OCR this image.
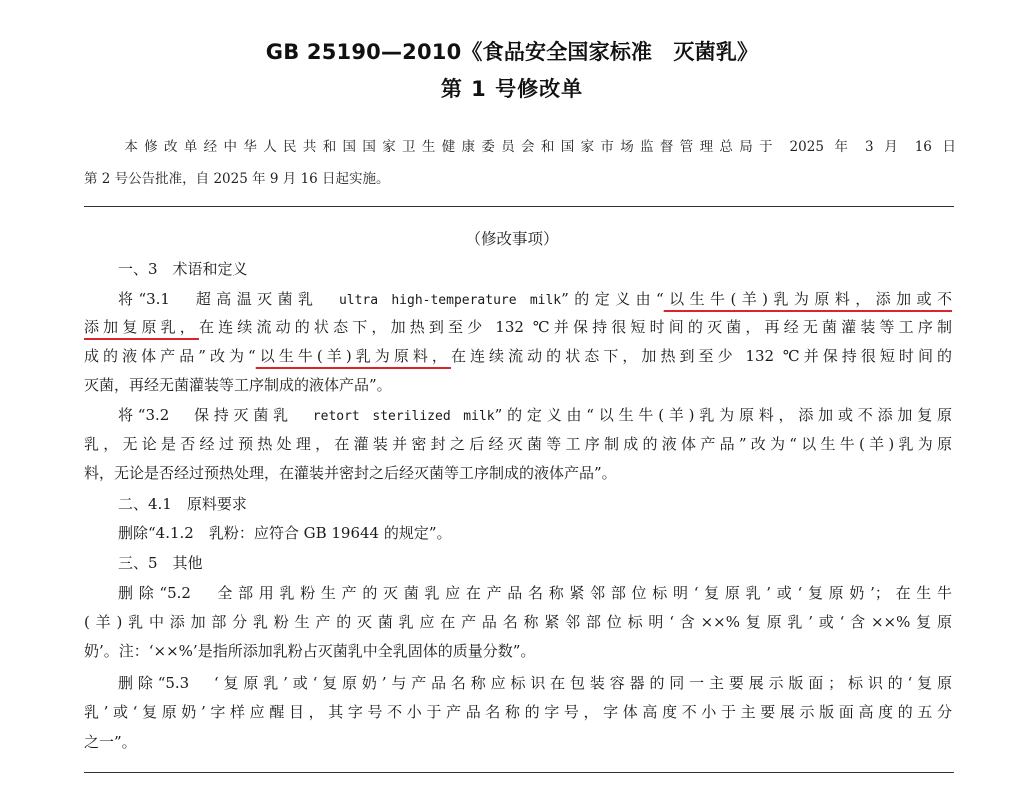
GB 25190—2010《食品安全国家标准　灭菌乳》
第 1 号修改单
本修改单经中华人民共和国国家卫生健康委员会和国家市场监督管理总局于 2025 年 3 月 16 日
第 2 号公告批准，自 2025 年 9 月 16 日起实施。
（修改事项）
一、3　术语和定义
将“3.1　超高温灭菌乳　ultra high-temperature milk”的定义由“以生牛(羊)乳为原料，添加或不
添加复原乳，在连续流动的状态下，加热到至少 132 ℃并保持很短时间的灭菌，再经无菌灌装等工序制
成的液体产品”改为“以生牛(羊)乳为原料，在连续流动的状态下，加热到至少 132 ℃并保持很短时间的
灭菌，再经无菌灌装等工序制成的液体产品”。
将“3.2　保持灭菌乳　retort sterilized milk”的定义由“以生牛(羊)乳为原料，添加或不添加复原
乳，无论是否经过预热处理，在灌装并密封之后经灭菌等工序制成的液体产品”改为“以生牛(羊)乳为原
料，无论是否经过预热处理，在灌装并密封之后经灭菌等工序制成的液体产品”。
二、4.1　原料要求
删除“4.1.2　乳粉：应符合 GB 19644 的规定”。
三、5　其他
删除“5.2　全部用乳粉生产的灭菌乳应在产品名称紧邻部位标明‘复原乳’或‘复原奶’；在生牛
(羊)乳中添加部分乳粉生产的灭菌乳应在产品名称紧邻部位标明‘含××%复原乳’或‘含××%复原
奶’。注：‘××%’是指所添加乳粉占灭菌乳中全乳固体的质量分数”。
删除“5.3　‘复原乳’或‘复原奶’与产品名称应标识在包装容器的同一主要展示版面；标识的‘复原
乳’或‘复原奶’字样应醒目，其字号不小于产品名称的字号，字体高度不小于主要展示版面高度的五分
之一”。
